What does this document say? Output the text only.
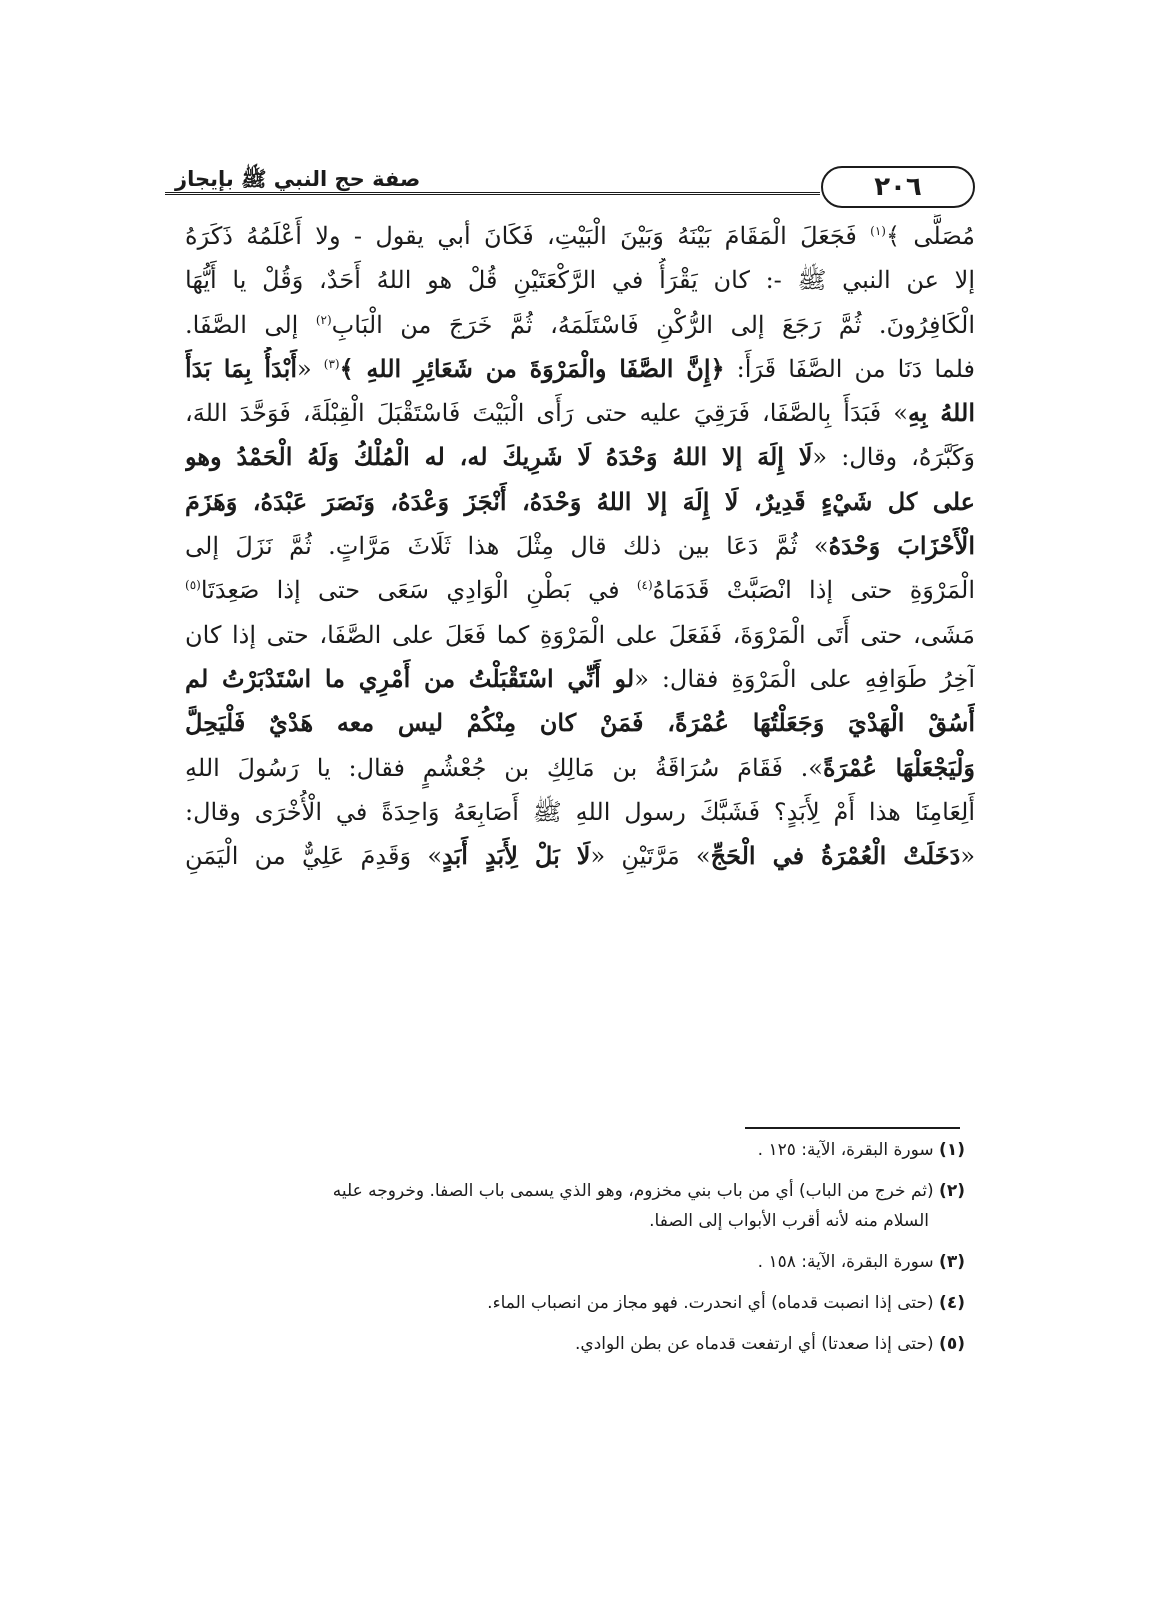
صفة حج النبي ﷺ بإيجاز	٢٠٦
مُصَلًّى ﴾$^{(١)}$ فَجَعَلَ الْمَقَامَ بَيْنَهُ وَبَيْنَ الْبَيْتِ، فَكَانَ أبي يقول - ولا أَعْلَمُهُ ذَكَرَهُ
إلا عن النبي ﷺ -: كان يَقْرَأُ في الرَّكْعَتَيْنِ قُلْ هو اللهُ أَحَدٌ، وَقُلْ يا أَيُّهَا
الْكَافِرُونَ. ثُمَّ رَجَعَ إلى الرُّكْنِ فَاسْتَلَمَهُ، ثُمَّ خَرَجَ من الْبَابِ$^{(٢)}$ إلى الصَّفَا.
فلما دَنَا من الصَّفَا قَرَأَ: ﴿إِنَّ الصَّفَا والْمَرْوَةَ من شَعَائِرِ اللهِ ﴾$^{(٣)}$ «أَبْدَأُ بِمَا بَدَأَ
اللهُ بِهِ» فَبَدَأَ بِالصَّفَا، فَرَقِيَ عليه حتى رَأَى الْبَيْتَ فَاسْتَقْبَلَ الْقِبْلَةَ، فَوَحَّدَ اللهَ،
وَكَبَّرَهُ، وقال: «لَا إِلَهَ إلا اللهُ وَحْدَهُ لَا شَرِيكَ له، له الْمُلْكُ وَلَهُ الْحَمْدُ وهو
على كل شَيْءٍ قَدِيرٌ، لَا إِلَهَ إلا اللهُ وَحْدَهُ، أَنْجَزَ وَعْدَهُ، وَنَصَرَ عَبْدَهُ، وَهَزَمَ
الْأَحْزَابَ وَحْدَهُ» ثُمَّ دَعَا بين ذلك قال مِثْلَ هذا ثَلَاثَ مَرَّاتٍ. ثُمَّ نَزَلَ إلى
الْمَرْوَةِ حتى إذا انْصَبَّتْ قَدَمَاهُ$^{(٤)}$ في بَطْنِ الْوَادِي سَعَى حتى إذا صَعِدَتَا$^{(٥)}$
مَشَى، حتى أَتَى الْمَرْوَةَ، فَفَعَلَ على الْمَرْوَةِ كما فَعَلَ على الصَّفَا، حتى إذا كان
آخِرُ طَوَافِهِ على الْمَرْوَةِ فقال: «لو أَنِّي اسْتَقْبَلْتُ من أَمْرِي ما اسْتَدْبَرْتُ لم
أَسُقْ الْهَدْيَ وَجَعَلْتُهَا عُمْرَةً، فَمَنْ كان مِنْكُمْ ليس معه هَدْيٌ فَلْيَحِلَّ
وَلْيَجْعَلْهَا عُمْرَةً». فَقَامَ سُرَاقَةُ بن مَالِكِ بن جُعْشُمٍ فقال: يا رَسُولَ اللهِ
أَلِعَامِنَا هذا أَمْ لِأَبَدٍ؟ فَشَبَّكَ رسول اللهِ ﷺ أَصَابِعَهُ وَاحِدَةً في الْأُخْرَى وقال:
«دَخَلَتْ الْعُمْرَةُ في الْحَجِّ» مَرَّتَيْنِ «لَا بَلْ لِأَبَدٍ أَبَدٍ» وَقَدِمَ عَلِيٌّ من الْيَمَنِ
(١) سورة البقرة، الآية: ١٢٥ .
(٢) (ثم خرج من الباب) أي من باب بني مخزوم، وهو الذي يسمى باب الصفا. وخروجه عليه
السلام منه لأنه أقرب الأبواب إلى الصفا.
(٣) سورة البقرة، الآية: ١٥٨ .
(٤) (حتى إذا انصبت قدماه) أي انحدرت. فهو مجاز من انصباب الماء.
(٥) (حتى إذا صعدتا) أي ارتفعت قدماه عن بطن الوادي.
